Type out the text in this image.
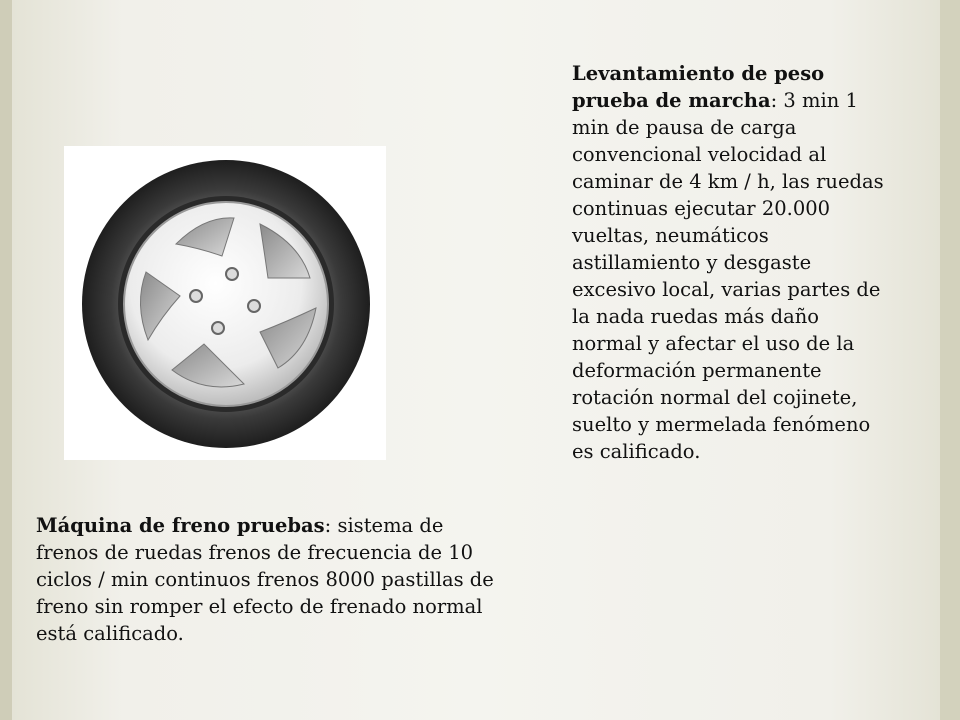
Levantamiento de peso prueba de marcha: 3 min 1 min de pausa de carga convencional velocidad al caminar de 4 km / h, las ruedas continuas ejecutar 20.000 vueltas, neumáticos astillamiento y desgaste excesivo local, varias partes de la nada ruedas más daño normal y afectar el uso de la deformación permanente rotación normal del cojinete, suelto y mermelada fenómeno es calificado.
Máquina de freno pruebas: sistema de frenos de ruedas frenos de frecuencia de 10 ciclos / min continuos frenos 8000 pastillas de freno sin romper el efecto de frenado normal está calificado.
